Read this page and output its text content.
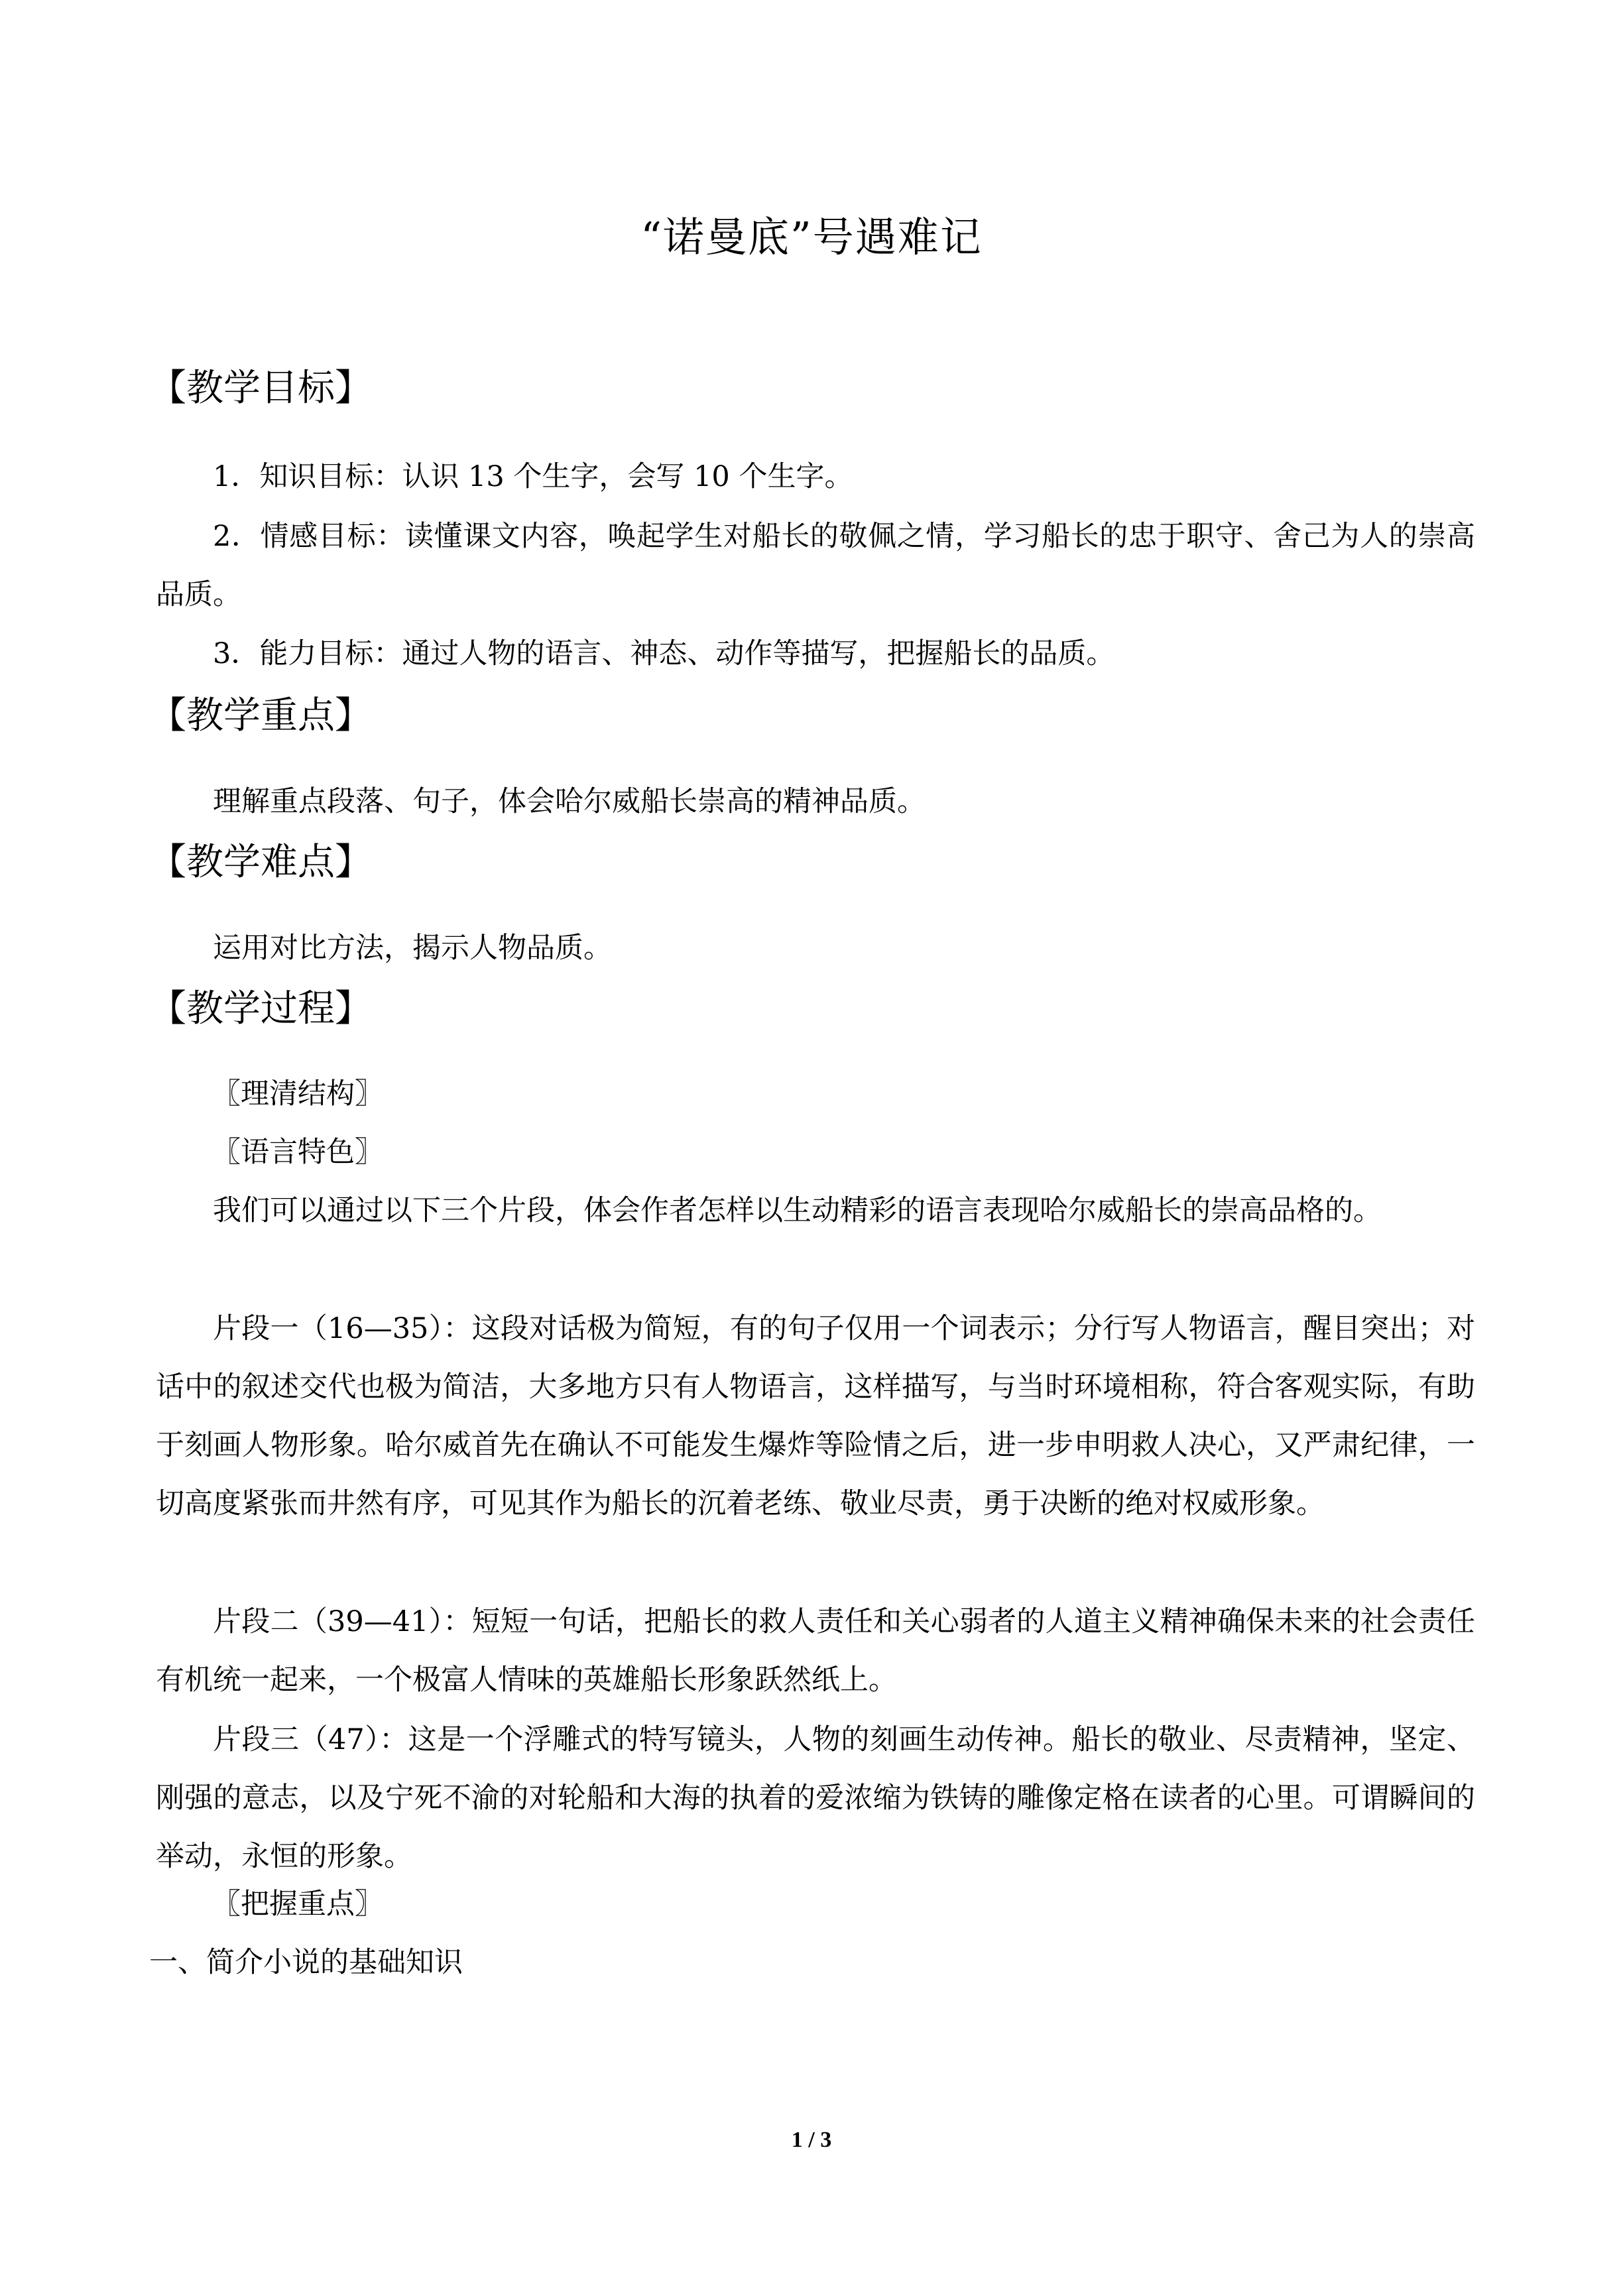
“诺曼底”号遇难记
【教学目标】

1．知识目标：认识 13 个生字，会写 10 个生字。

2．情感目标：读懂课文内容，唤起学生对船长的敬佩之情，学习船长的忠于职守、舍己为人的崇高品质。

3．能力目标：通过人物的语言、神态、动作等描写，把握船长的品质。

【教学重点】

理解重点段落、句子，体会哈尔威船长崇高的精神品质。

【教学难点】

运用对比方法，揭示人物品质。

【教学过程】
〖理清结构〗
〖语言特色〗

我们可以通过以下三个片段，体会作者怎样以生动精彩的语言表现哈尔威船长的崇高品格的。

片段一（16—35）：这段对话极为简短，有的句子仅用一个词表示；分行写人物语言，醒目突出；对话中的叙述交代也极为简洁，大多地方只有人物语言，这样描写，与当时环境相称，符合客观实际，有助于刻画人物形象。哈尔威首先在确认不可能发生爆炸等险情之后，进一步申明救人决心，又严肃纪律，一切高度紧张而井然有序，可见其作为船长的沉着老练、敬业尽责，勇于决断的绝对权威形象。

片段二（39—41）：短短一句话，把船长的救人责任和关心弱者的人道主义精神确保未来的社会责任有机统一起来，一个极富人情味的英雄船长形象跃然纸上。

片段三（47）：这是一个浮雕式的特写镜头，人物的刻画生动传神。船长的敬业、尽责精神，坚定、刚强的意志，以及宁死不渝的对轮船和大海的执着的爱浓缩为铁铸的雕像定格在读者的心里。可谓瞬间的举动，永恒的形象。

〖把握重点〗
一、简介小说的基础知识
1 / 3
